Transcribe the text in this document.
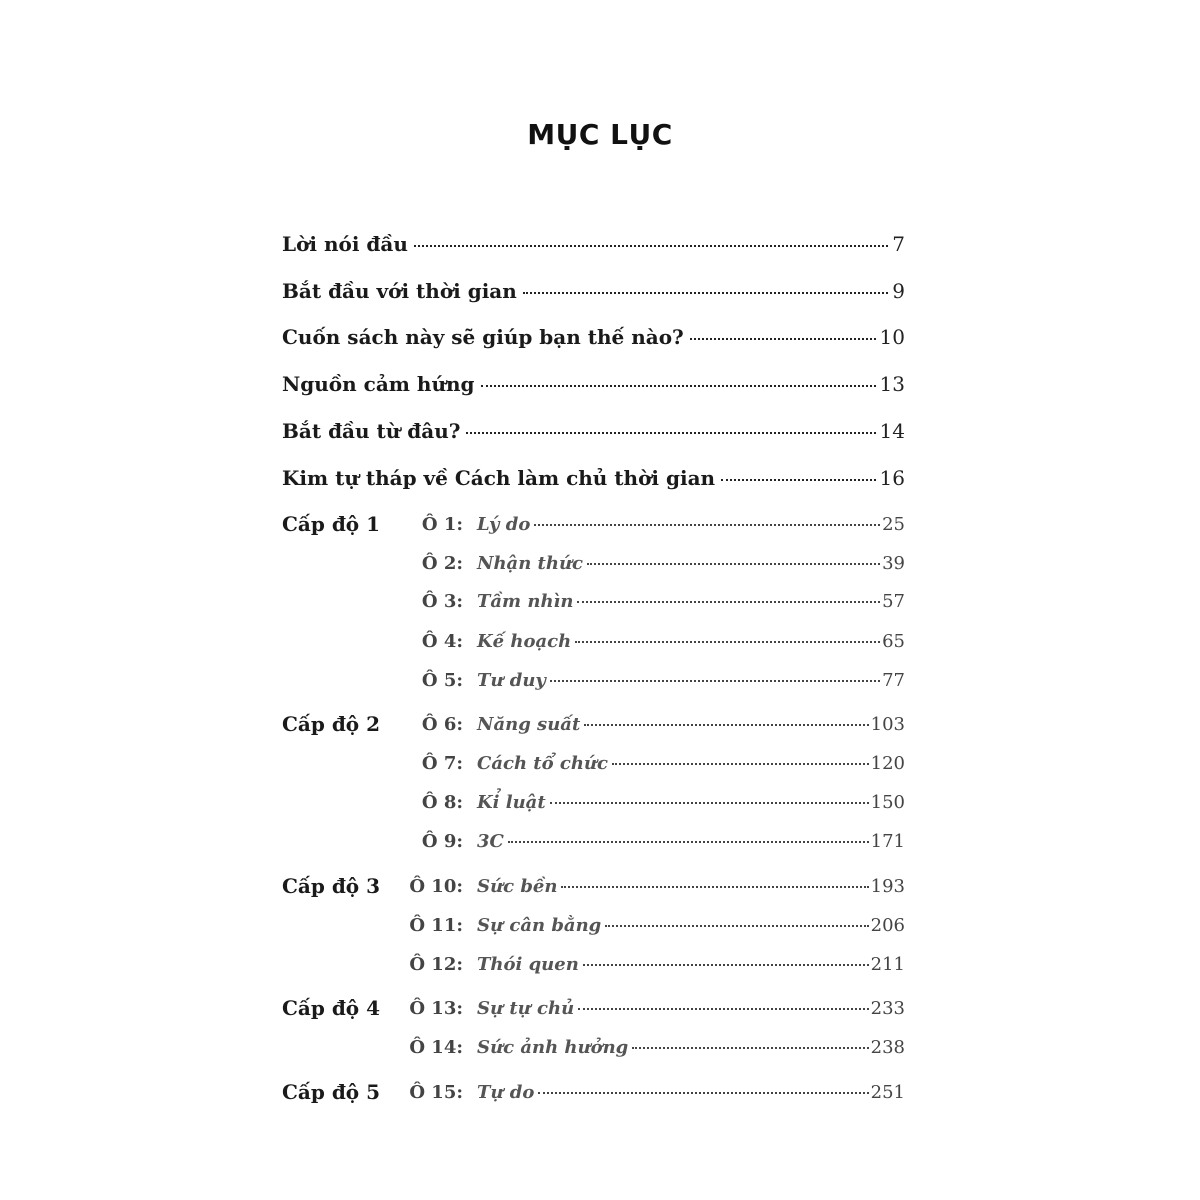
MỤC LỤC
Lời nói đầu	7
Bắt đầu với thời gian	9
Cuốn sách này sẽ giúp bạn thế nào?	10
Nguồn cảm hứng	13
Bắt đầu từ đâu?	14
Kim tự tháp về Cách làm chủ thời gian	16
Cấp độ 1	Ô 1: Lý do	25
Ô 2: Nhận thức	39
Ô 3: Tầm nhìn	57
Ô 4: Kế hoạch	65
Ô 5: Tư duy	77
Cấp độ 2	Ô 6: Năng suất	103
Ô 7: Cách tổ chức	120
Ô 8: Kỉ luật	150
Ô 9: 3C	171
Cấp độ 3 Ô 10: Sức bền	193
Ô 11: Sự cân bằng	206
Ô 12: Thói quen	211
Cấp độ 4 Ô 13: Sự tự chủ	233
Ô 14: Sức ảnh hưởng	238
Cấp độ 5 Ô 15: Tự do	251
